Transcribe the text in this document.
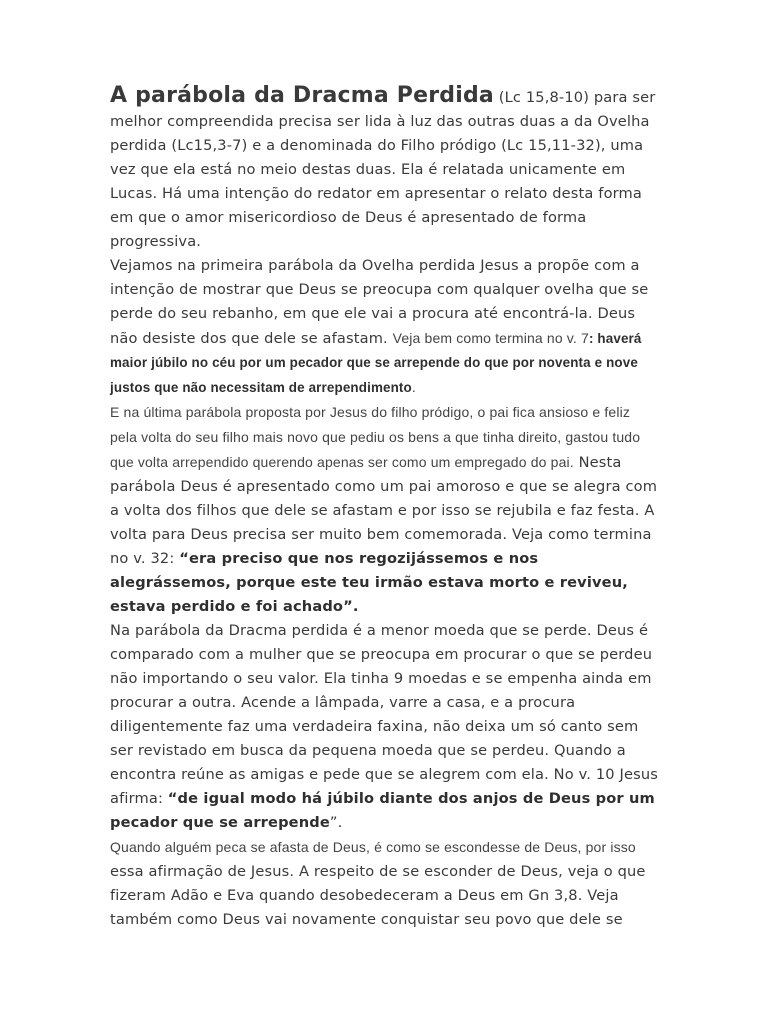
A parábola da Dracma Perdida (Lc 15,8-10) para ser melhor compreendida precisa ser lida à luz das outras duas a da Ovelha perdida (Lc15,3-7) e a denominada do Filho pródigo (Lc 15,11-32), uma vez que ela está no meio destas duas. Ela é relatada unicamente em Lucas. Há uma intenção do redator em apresentar o relato desta forma em que o amor misericordioso de Deus é apresentado de forma progressiva.

Vejamos na primeira parábola da Ovelha perdida Jesus a propõe com a intenção de mostrar que Deus se preocupa com qualquer ovelha que se perde do seu rebanho, em que ele vai a procura até encontrá-la. Deus não desiste dos que dele se afastam. Veja bem como termina no v. 7: haverá maior júbilo no céu por um pecador que se arrepende do que por noventa e nove justos que não necessitam de arrependimento.

E na última parábola proposta por Jesus do filho pródigo, o pai fica ansioso e feliz pela volta do seu filho mais novo que pediu os bens a que tinha direito, gastou tudo que volta arrependido querendo apenas ser como um empregado do pai. Nesta parábola Deus é apresentado como um pai amoroso e que se alegra com a volta dos filhos que dele se afastam e por isso se rejubila e faz festa. A volta para Deus precisa ser muito bem comemorada. Veja como termina no v. 32: “era preciso que nos regozijássemos e nos alegrássemos, porque este teu irmão estava morto e reviveu, estava perdido e foi achado”.

Na parábola da Dracma perdida é a menor moeda que se perde. Deus é comparado com a mulher que se preocupa em procurar o que se perdeu não importando o seu valor. Ela tinha 9 moedas e se empenha ainda em procurar a outra. Acende a lâmpada, varre a casa, e a procura diligentemente faz uma verdadeira faxina, não deixa um só canto sem ser revistado em busca da pequena moeda que se perdeu. Quando a encontra reúne as amigas e pede que se alegrem com ela. No v. 10 Jesus afirma: “de igual modo há júbilo diante dos anjos de Deus por um pecador que se arrepende”.

Quando alguém peca se afasta de Deus, é como se escondesse de Deus, por isso essa afirmação de Jesus. A respeito de se esconder de Deus, veja o que fizeram Adão e Eva quando desobedeceram a Deus em Gn 3,8. Veja também como Deus vai novamente conquistar seu povo que dele se
